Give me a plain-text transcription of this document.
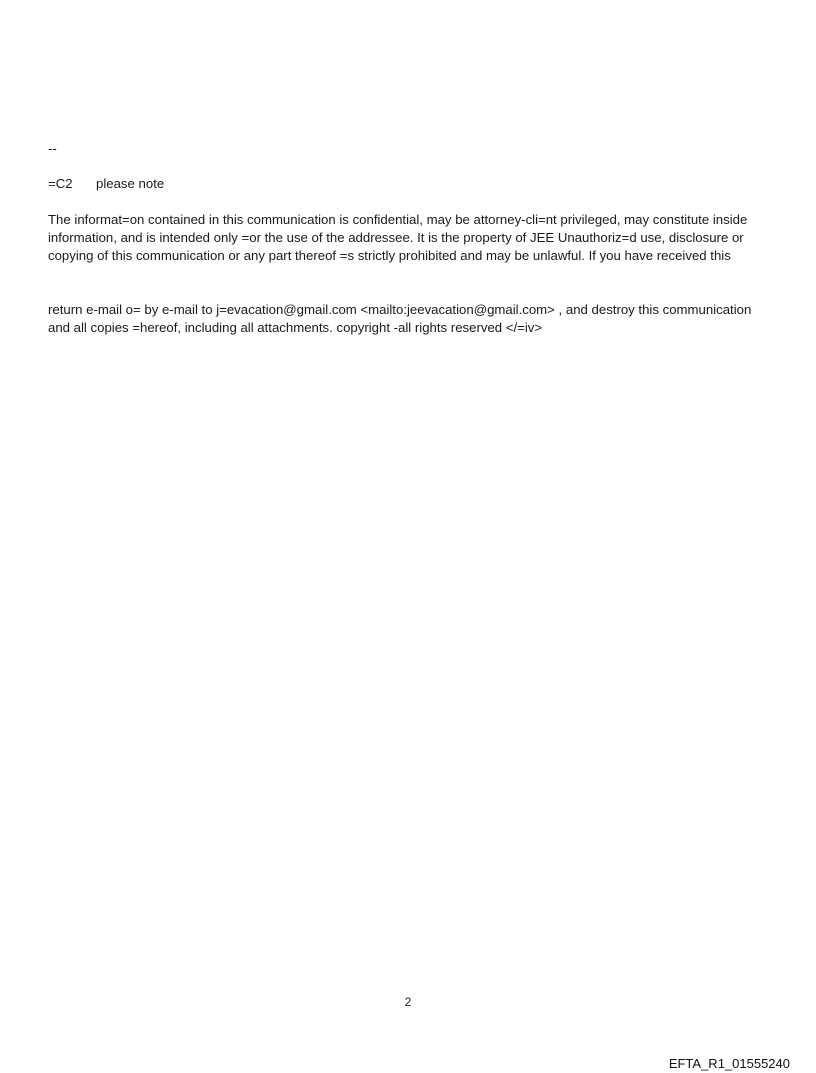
--

=C2 please note

The informat=on contained in this communication is confidential, may be attorney-cli=nt privileged, may constitute inside information, and is intended only =or the use of the addressee. It is the property of JEE Unauthoriz=d use, disclosure or copying of this communication or any part thereof =s strictly prohibited and may be unlawful. If you have received this

return e-mail o= by e-mail to j=evacation@gmail.com <mailto:jeevacation@gmail.com> , and destroy this communication and all copies =hereof, including all attachments. copyright -all rights reserved </=iv>

2
EFTA_R1_01555240
